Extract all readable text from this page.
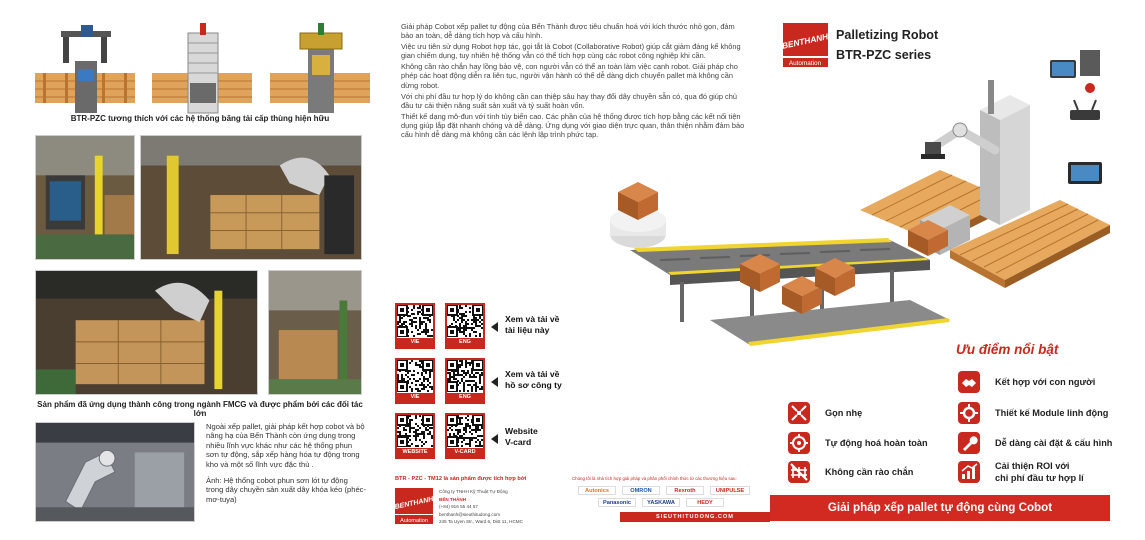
BTR-PZC tương thích với các hệ thống băng tải cấp thùng hiện hữu
Sản phẩm đã ứng dụng thành công trong ngành FMCG và được phẩm bởi các đối tác lớn
Ngoài xếp pallet, giải pháp kết hợp cobot và bộ nâng hạ của Bến Thành còn ứng dụng trong nhiều lĩnh vực khác như các hệ thống phun sơn tự động, sắp xếp hàng hóa tự động trong kho và một số lĩnh vực đặc thù .
Ảnh: Hệ thống cobot phun sơn lót tự động trong dây chuyền sản xuất dây khóa kéo (phéc-mơ-tuya)

Giải pháp Cobot xếp pallet tự động của Bến Thành được tiêu chuẩn hoá với kích thước nhỏ gọn, đảm bảo an toàn, dễ dàng tích hợp và cấu hình.

Việc ưu tiên sử dụng Robot hợp tác, gọi tắt là Cobot (Collaborative Robot) giúp cắt giảm đáng kể không gian chiếm dụng, tuy nhiên hệ thống vẫn có thể tích hợp cùng các robot công nghiệp khi cần.

Không cần rào chắn hay lồng bảo vệ, con người vẫn có thể an toàn làm việc cạnh robot. Giải pháp cho phép các hoạt động diễn ra liên tục, người vận hành có thể dễ dàng dịch chuyển pallet mà không cần dừng robot.

Với chi phí đầu tư hợp lý do không cần can thiệp sâu hay thay đổi dây chuyền sẵn có, qua đó giúp chủ đầu tư cải thiện năng suất sản xuất và tỷ suất hoàn vốn.

Thiết kế dạng mô-đun với tính tùy biến cao. Các phần của hệ thống được tích hợp bằng các kết nối tiện dụng giúp lắp đặt nhanh chóng và dễ dàng. Ứng dụng với giao diện trực quan, thân thiện nhằm đảm bảo cấu hình dễ dàng mà không cần các lệnh lập trình phức tạp.

VIE	ENG
Xem và tải về
tài liệu này
VIE	ENG
Xem và tải về
hồ sơ công ty
WEBSITE	V-CARD
Website
V-card
BTR - PZC - TM12 là sản phẩm được tích hợp bởi
BENTHANH
Automation
Công ty TNHH Kỹ Thuật Tự Động
BẾN THÀNH
(+84) 916 55 44 57
benthanh@sieuthitudong.com
245 Ta Uyen Str., Ward 6, Dist 11, HCMC
Chúng tôi là nhà tích hợp giải pháp và phân phối chính thức từ các thương hiệu sau:
Autonics	OMRON	Rexroth	UNIPULSE
Panasonic	YASKAWA	HEDY
SIEUTHITUDONG.COM
BENTHANH
Automation
Palletizing Robot
BTR-PZC series
Ưu điểm nổi bật
Kết hợp với con người
Gọn nhẹ	Thiết kế Module linh động
Tự động hoá hoàn toàn	Dễ dàng cài đặt & cấu hình
Không cần rào chắn
Cải thiện ROI với
chi phí đầu tư hợp lí
Giải pháp xếp pallet tự động cùng Cobot
